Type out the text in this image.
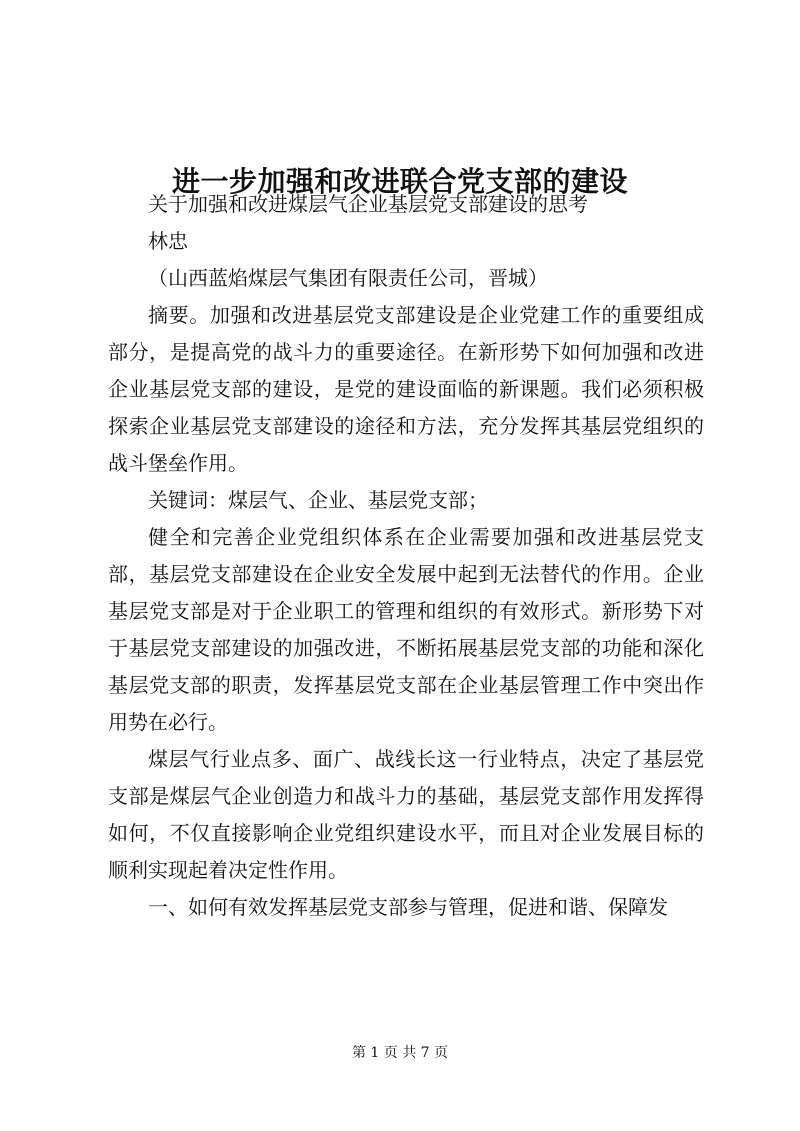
进一步加强和改进联合党支部的建设

关于加强和改进煤层气企业基层党支部建设的思考

林忠

（山西蓝焰煤层气集团有限责任公司，晋城）

摘要。加强和改进基层党支部建设是企业党建工作的重要组成部分，是提高党的战斗力的重要途径。在新形势下如何加强和改进企业基层党支部的建设，是党的建设面临的新课题。我们必须积极探索企业基层党支部建设的途径和方法，充分发挥其基层党组织的战斗堡垒作用。

关键词：煤层气、企业、基层党支部；

健全和完善企业党组织体系在企业需要加强和改进基层党支部，基层党支部建设在企业安全发展中起到无法替代的作用。企业基层党支部是对于企业职工的管理和组织的有效形式。新形势下对于基层党支部建设的加强改进，不断拓展基层党支部的功能和深化基层党支部的职责，发挥基层党支部在企业基层管理工作中突出作用势在必行。

煤层气行业点多、面广、战线长这一行业特点，决定了基层党支部是煤层气企业创造力和战斗力的基础，基层党支部作用发挥得如何，不仅直接影响企业党组织建设水平，而且对企业发展目标的顺利实现起着决定性作用。

一、如何有效发挥基层党支部参与管理，促进和谐、保障发

第 1 页 共 7 页
